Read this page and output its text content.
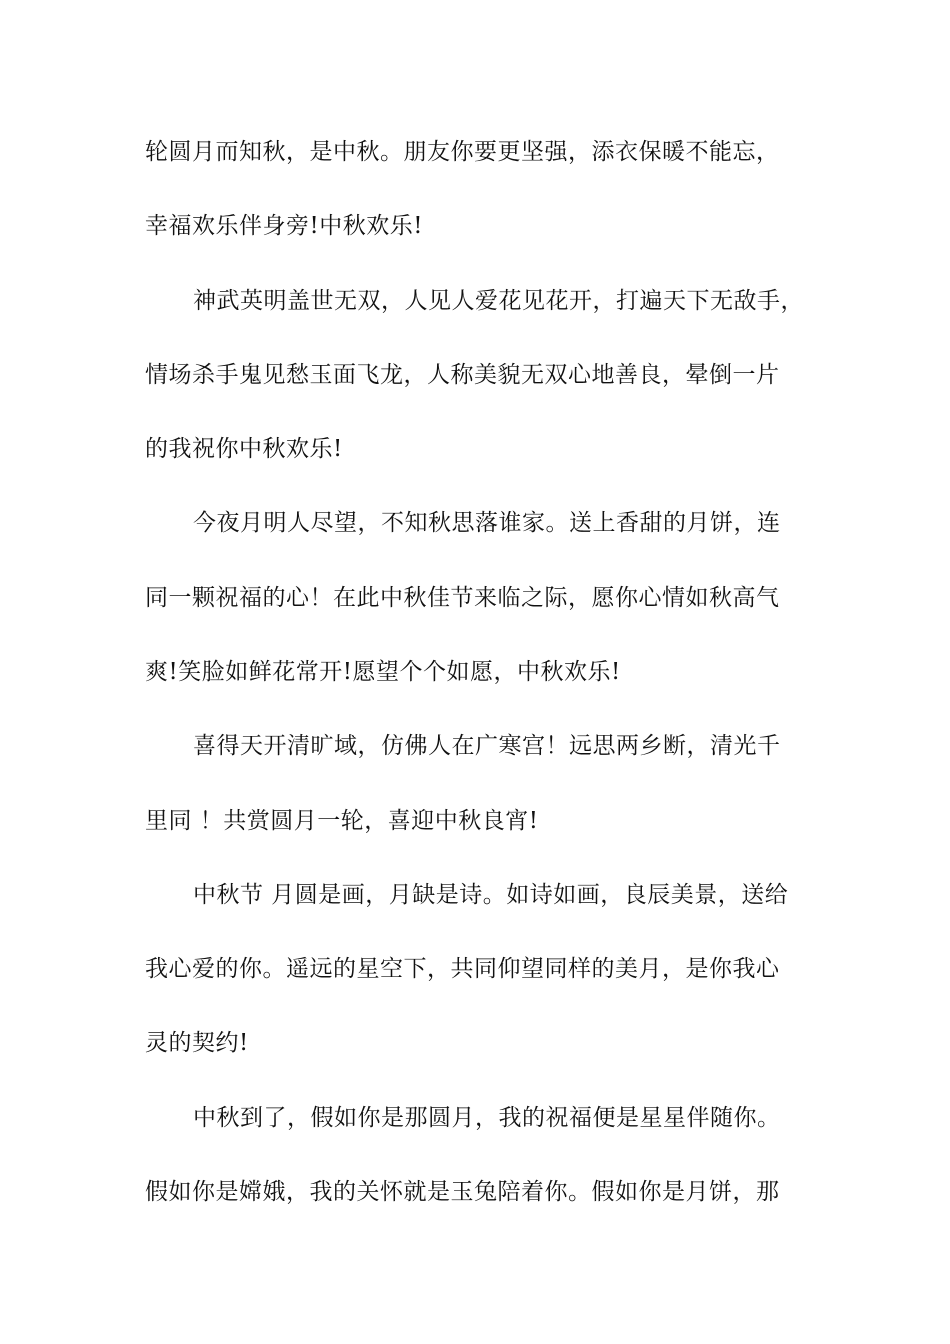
轮圆月而知秋，是中秋。朋友你要更坚强，添衣保暖不能忘，
幸福欢乐伴身旁!中秋欢乐!
神武英明盖世无双，人见人爱花见花开，打遍天下无敌手，
情场杀手鬼见愁玉面飞龙，人称美貌无双心地善良，晕倒一片
的我祝你中秋欢乐!
今夜月明人尽望，不知秋思落谁家。送上香甜的月饼，连
同一颗祝福的心！在此中秋佳节来临之际，愿你心情如秋高气
爽!笑脸如鲜花常开!愿望个个如愿，中秋欢乐!
喜得天开清旷域，仿佛人在广寒宫！远思两乡断，清光千
里同 ！共赏圆月一轮，喜迎中秋良宵!
中秋节 月圆是画，月缺是诗。如诗如画，良辰美景，送给
我心爱的你。遥远的星空下，共同仰望同样的美月，是你我心
灵的契约!
中秋到了，假如你是那圆月，我的祝福便是星星伴随你。
假如你是嫦娥，我的关怀就是玉兔陪着你。假如你是月饼，那
